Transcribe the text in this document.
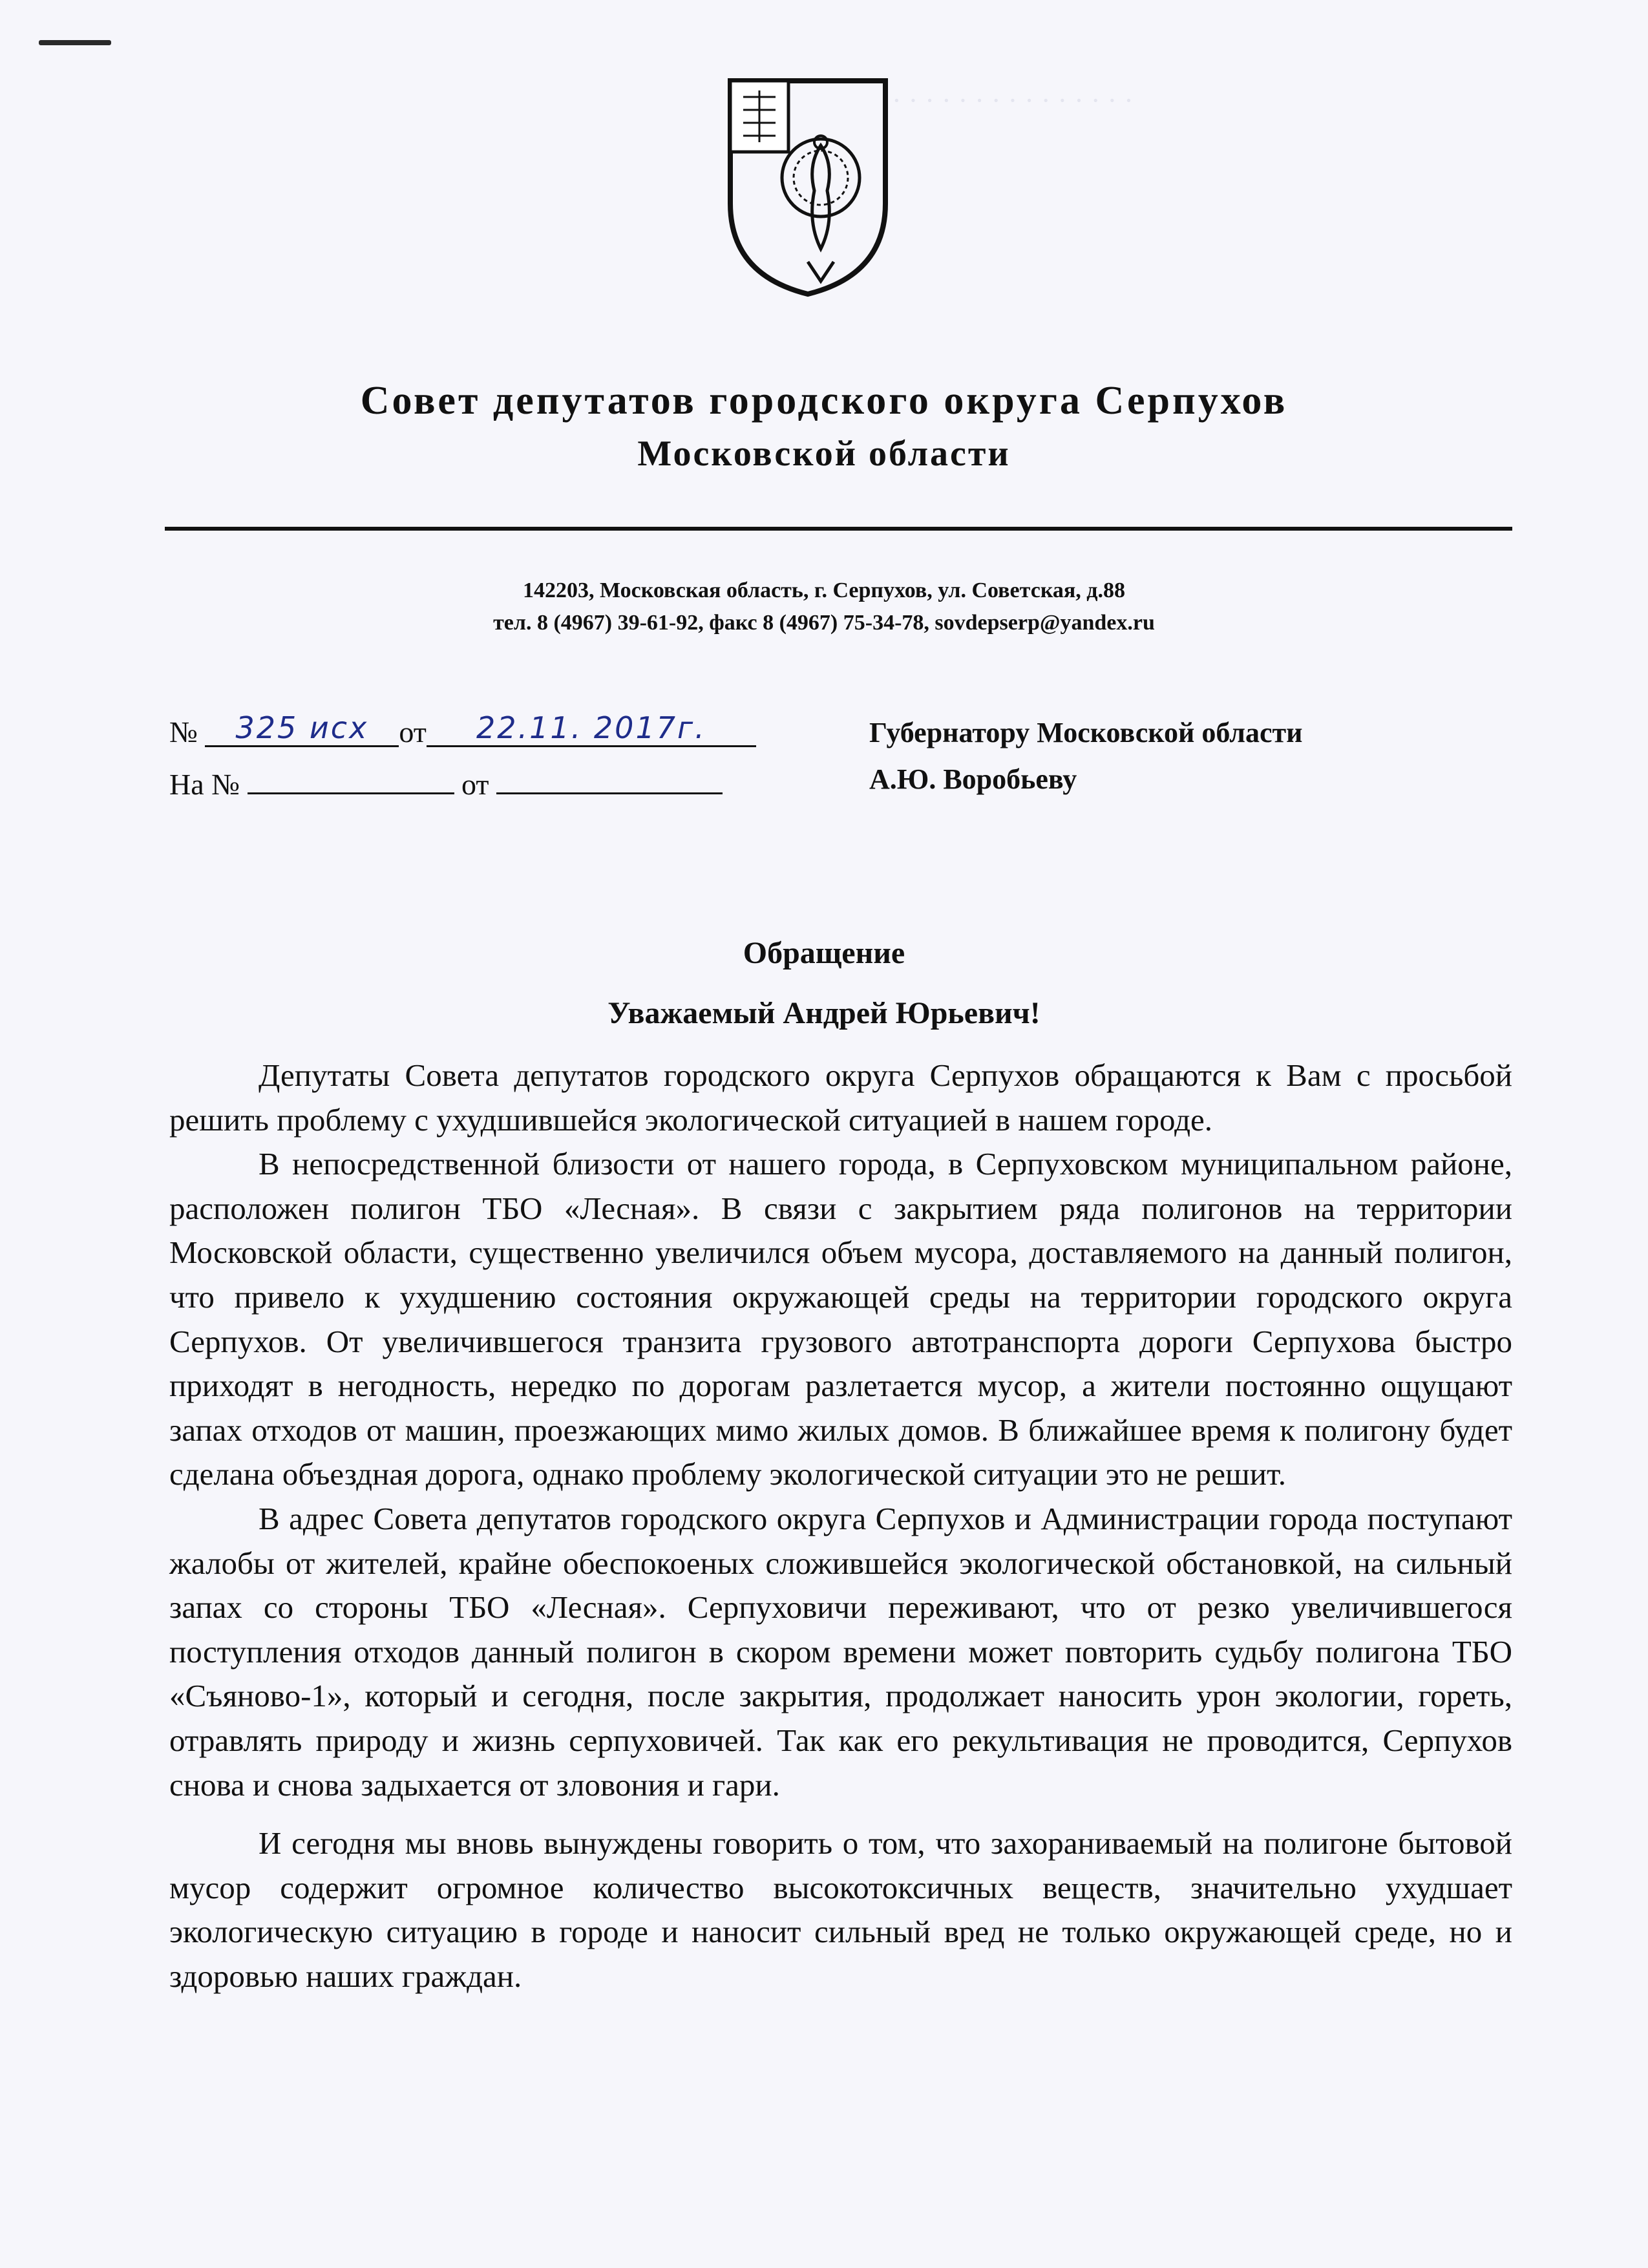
· · · · · · · · · · · · · · ·
Совет депутатов городского округа Серпухов
Московской области
142203, Московская область, г. Серпухов, ул. Советская, д.88
тел. 8 (4967) 39-61-92, факс 8 (4967) 75-34-78, sovdepserp@yandex.ru
№ 325 исх от 22.11. 2017г.
На №	от
Губернатору Московской области
А.Ю. Воробьеву
Обращение
Уважаемый Андрей Юрьевич!

Депутаты Совета депутатов городского округа Серпухов обращаются к Вам с просьбой решить проблему с ухудшившейся экологической ситуацией в нашем городе.

В непосредственной близости от нашего города, в Серпуховском муниципальном районе, расположен полигон ТБО «Лесная». В связи с закрытием ряда полигонов на территории Московской области, существенно увеличился объем мусора, доставляемого на данный полигон, что привело к ухудшению состояния окружающей среды на территории городского округа Серпухов. От увеличившегося транзита грузового автотранспорта дороги Серпухова быстро приходят в негодность, нередко по дорогам разлетается мусор, а жители постоянно ощущают запах отходов от машин, проезжающих мимо жилых домов. В ближайшее время к полигону будет сделана объездная дорога, однако проблему экологической ситуации это не решит.

В адрес Совета депутатов городского округа Серпухов и Администрации города поступают жалобы от жителей, крайне обеспокоеных сложившейся экологической обстановкой, на сильный запах со стороны ТБО «Лесная». Серпуховичи переживают, что от резко увеличившегося поступления отходов данный полигон в скором времени может повторить судьбу полигона ТБО «Съяново-1», который и сегодня, после закрытия, продолжает наносить урон экологии, гореть, отравлять природу и жизнь серпуховичей. Так как его рекультивация не проводится, Серпухов снова и снова задыхается от зловония и гари.

И сегодня мы вновь вынуждены говорить о том, что захораниваемый на полигоне бытовой мусор содержит огромное количество высокотоксичных веществ, значительно ухудшает экологическую ситуацию в городе и наносит сильный вред не только окружающей среде, но и здоровью наших граждан.
